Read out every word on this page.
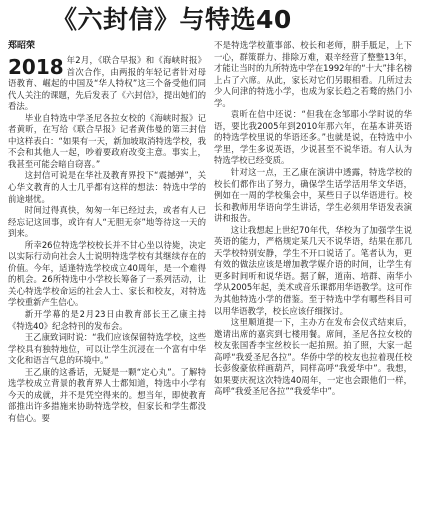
《六封信》与特选40
郑昭荣

2018 年2月，《联合早报》和《海峡时报》首次合作，由两报的年轻记者针对母语教育、崛起的中国及“华人特权”这三个备受他们同代人关注的课题，先后发表了《六封信》，提出她们的看法。

毕业自特选中学圣尼各拉女校的《海峡时报》记者黄昕，在写给《联合早报》记者黄伟曼的第三封信中这样表白：“如果有一天，新加坡取消特选学校，我不会和其他人一起，吵着要政府改变主意。事实上，我甚至可能会暗自窃喜。”

这封信可说是在华社及教育界投下“震撼弹”，关心华文教育的人士几乎都有这样的想法：特选中学的前途堪忧。

时间过得真快，匆匆一年已经过去，或者有人已经忘记这回事，或许有人“无胆无奈”地等待这一天的到来。

所幸26位特选学校校长并不甘心坐以待毙，决定以实际行动向社会人士说明特选学校有其继续存在的价值。今年，适逢特选学校成立40周年，是一个难得的机会。26所特选中小学校长筹备了一系列活动，让关心特选学校命运的社会人士、家长和校友，对特选学校重新产生信心。

新开学幕的是2月23日由教育部长王乙康主持《特选40》纪念特刊的发布会。

王乙康致词时说：“我们应该保留特选学校，这些学校具有独特地位，可以让学生沉浸在一个富有中华文化和语言气息的环境中。”

王乙康的这番话，无疑是一颗“定心丸”。了解特选学校成立背景的教育界人士都知道，特选中小学有今天的成就，并不是凭空得来的。想当年，即使教育部推出许多措施来协助特选学校，但家长和学生都没有信心。要

不是特选学校董事部、校长和老师，胼手胝足，上下一心，群策群力、排除万难，艰辛经营了整整13年，才能让当时的九所特选中学在1992年的“十大”排名榜上占了六席。从此，家长对它们另眼相看。几所过去少人问津的特选小学，也成为家长趋之若鹜的热门小学。

袁昕在信中还说：“但我在念邹耶小学时说的华语，要比我2005年到2010年那六年，在基本讲英语的特选学校里说的华语还多。”也就是说，在特选中小学里，学生多说英语，少说甚至不说华语。有人认为特选学校已经变质。

针对这一点，王乙康在演讲中透露，特选学校的校长们都作出了努力，确保学生话学活用华文华语，例如在一周的学校集会中，某些日子以华语进行。校长和教师用华语向学生讲话，学生必须用华语发表演讲和报告。

这让我想起上世纪70年代，华校为了加强学生说英语的能力，严格规定某几天不说华语，结果在那几天学校特别安静，学生不开口说话了。笔者认为，更有效的做法应该是增加教学媒介语的时间，让学生有更多时间听和说华语。据了解，道南、培群、南华小学从2005年起，美术或音乐课都用华语教学。这可作为其他特选小学的借鉴。至于特选中学有哪些科目可以用华语教学，校长应该仔细探讨。

这里顺道提一下，主办方在发布会仪式结束后，邀请出席的嘉宾到七楼用餐。席间，圣尼各拉女校的校友张国香李宝丝校长一起拍照。拍了照，大家一起高呼“我爱圣尼各拉”。华侨中学的校友也拉着现任校长彭俊豪依样画葫芦，同样高呼“我爱华中”。我想，如果要庆祝这次特选40周年，一定也会跟他们一样，高呼“我爱圣尼各拉”“我爱华中”。
